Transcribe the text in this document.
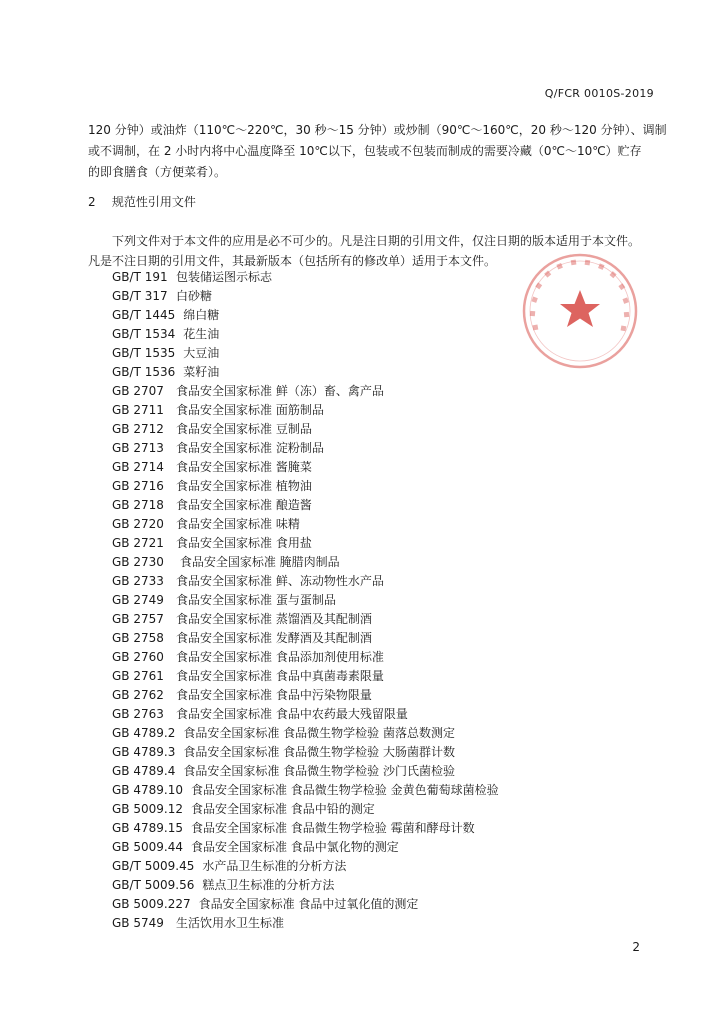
Q/FCR 0010S-2019

120 分钟）或油炸（110℃～220℃，30 秒～15 分钟）或炒制（90℃～160℃，20 秒～120 分钟）、调制

或不调制，在 2 小时内将中心温度降至 10℃以下，包装或不包装而制成的需要冷藏（0℃～10℃）贮存

的即食膳食（方便菜肴）。

2 规范性引用文件

下列文件对于本文件的应用是必不可少的。凡是注日期的引用文件，仅注日期的版本适用于本文件。

凡是不注日期的引用文件，其最新版本（包括所有的修改单）适用于本文件。

GB/T 191 包装储运图示标志
GB/T 317 白砂糖
GB/T 1445 绵白糖
GB/T 1534 花生油
GB/T 1535 大豆油
GB/T 1536 菜籽油
GB 2707 食品安全国家标准 鲜（冻）畜、禽产品
GB 2711 食品安全国家标准 面筋制品
GB 2712 食品安全国家标准 豆制品
GB 2713 食品安全国家标准 淀粉制品
GB 2714 食品安全国家标准 酱腌菜
GB 2716 食品安全国家标准 植物油
GB 2718 食品安全国家标准 酿造酱
GB 2720 食品安全国家标准 味精
GB 2721 食品安全国家标准 食用盐
GB 2730 食品安全国家标准 腌腊肉制品
GB 2733 食品安全国家标准 鲜、冻动物性水产品
GB 2749 食品安全国家标准 蛋与蛋制品
GB 2757 食品安全国家标准 蒸馏酒及其配制酒
GB 2758 食品安全国家标准 发酵酒及其配制酒
GB 2760 食品安全国家标准 食品添加剂使用标准
GB 2761 食品安全国家标准 食品中真菌毒素限量
GB 2762 食品安全国家标准 食品中污染物限量
GB 2763 食品安全国家标准 食品中农药最大残留限量
GB 4789.2 食品安全国家标准 食品微生物学检验 菌落总数测定
GB 4789.3 食品安全国家标准 食品微生物学检验 大肠菌群计数
GB 4789.4 食品安全国家标准 食品微生物学检验 沙门氏菌检验
GB 4789.10 食品安全国家标准 食品微生物学检验 金黄色葡萄球菌检验
GB 5009.12 食品安全国家标准 食品中铅的测定
GB 4789.15 食品安全国家标准 食品微生物学检验 霉菌和酵母计数
GB 5009.44 食品安全国家标准 食品中氯化物的测定
GB/T 5009.45 水产品卫生标准的分析方法
GB/T 5009.56 糕点卫生标准的分析方法
GB 5009.227 食品安全国家标准 食品中过氧化值的测定
GB 5749 生活饮用水卫生标准
2
